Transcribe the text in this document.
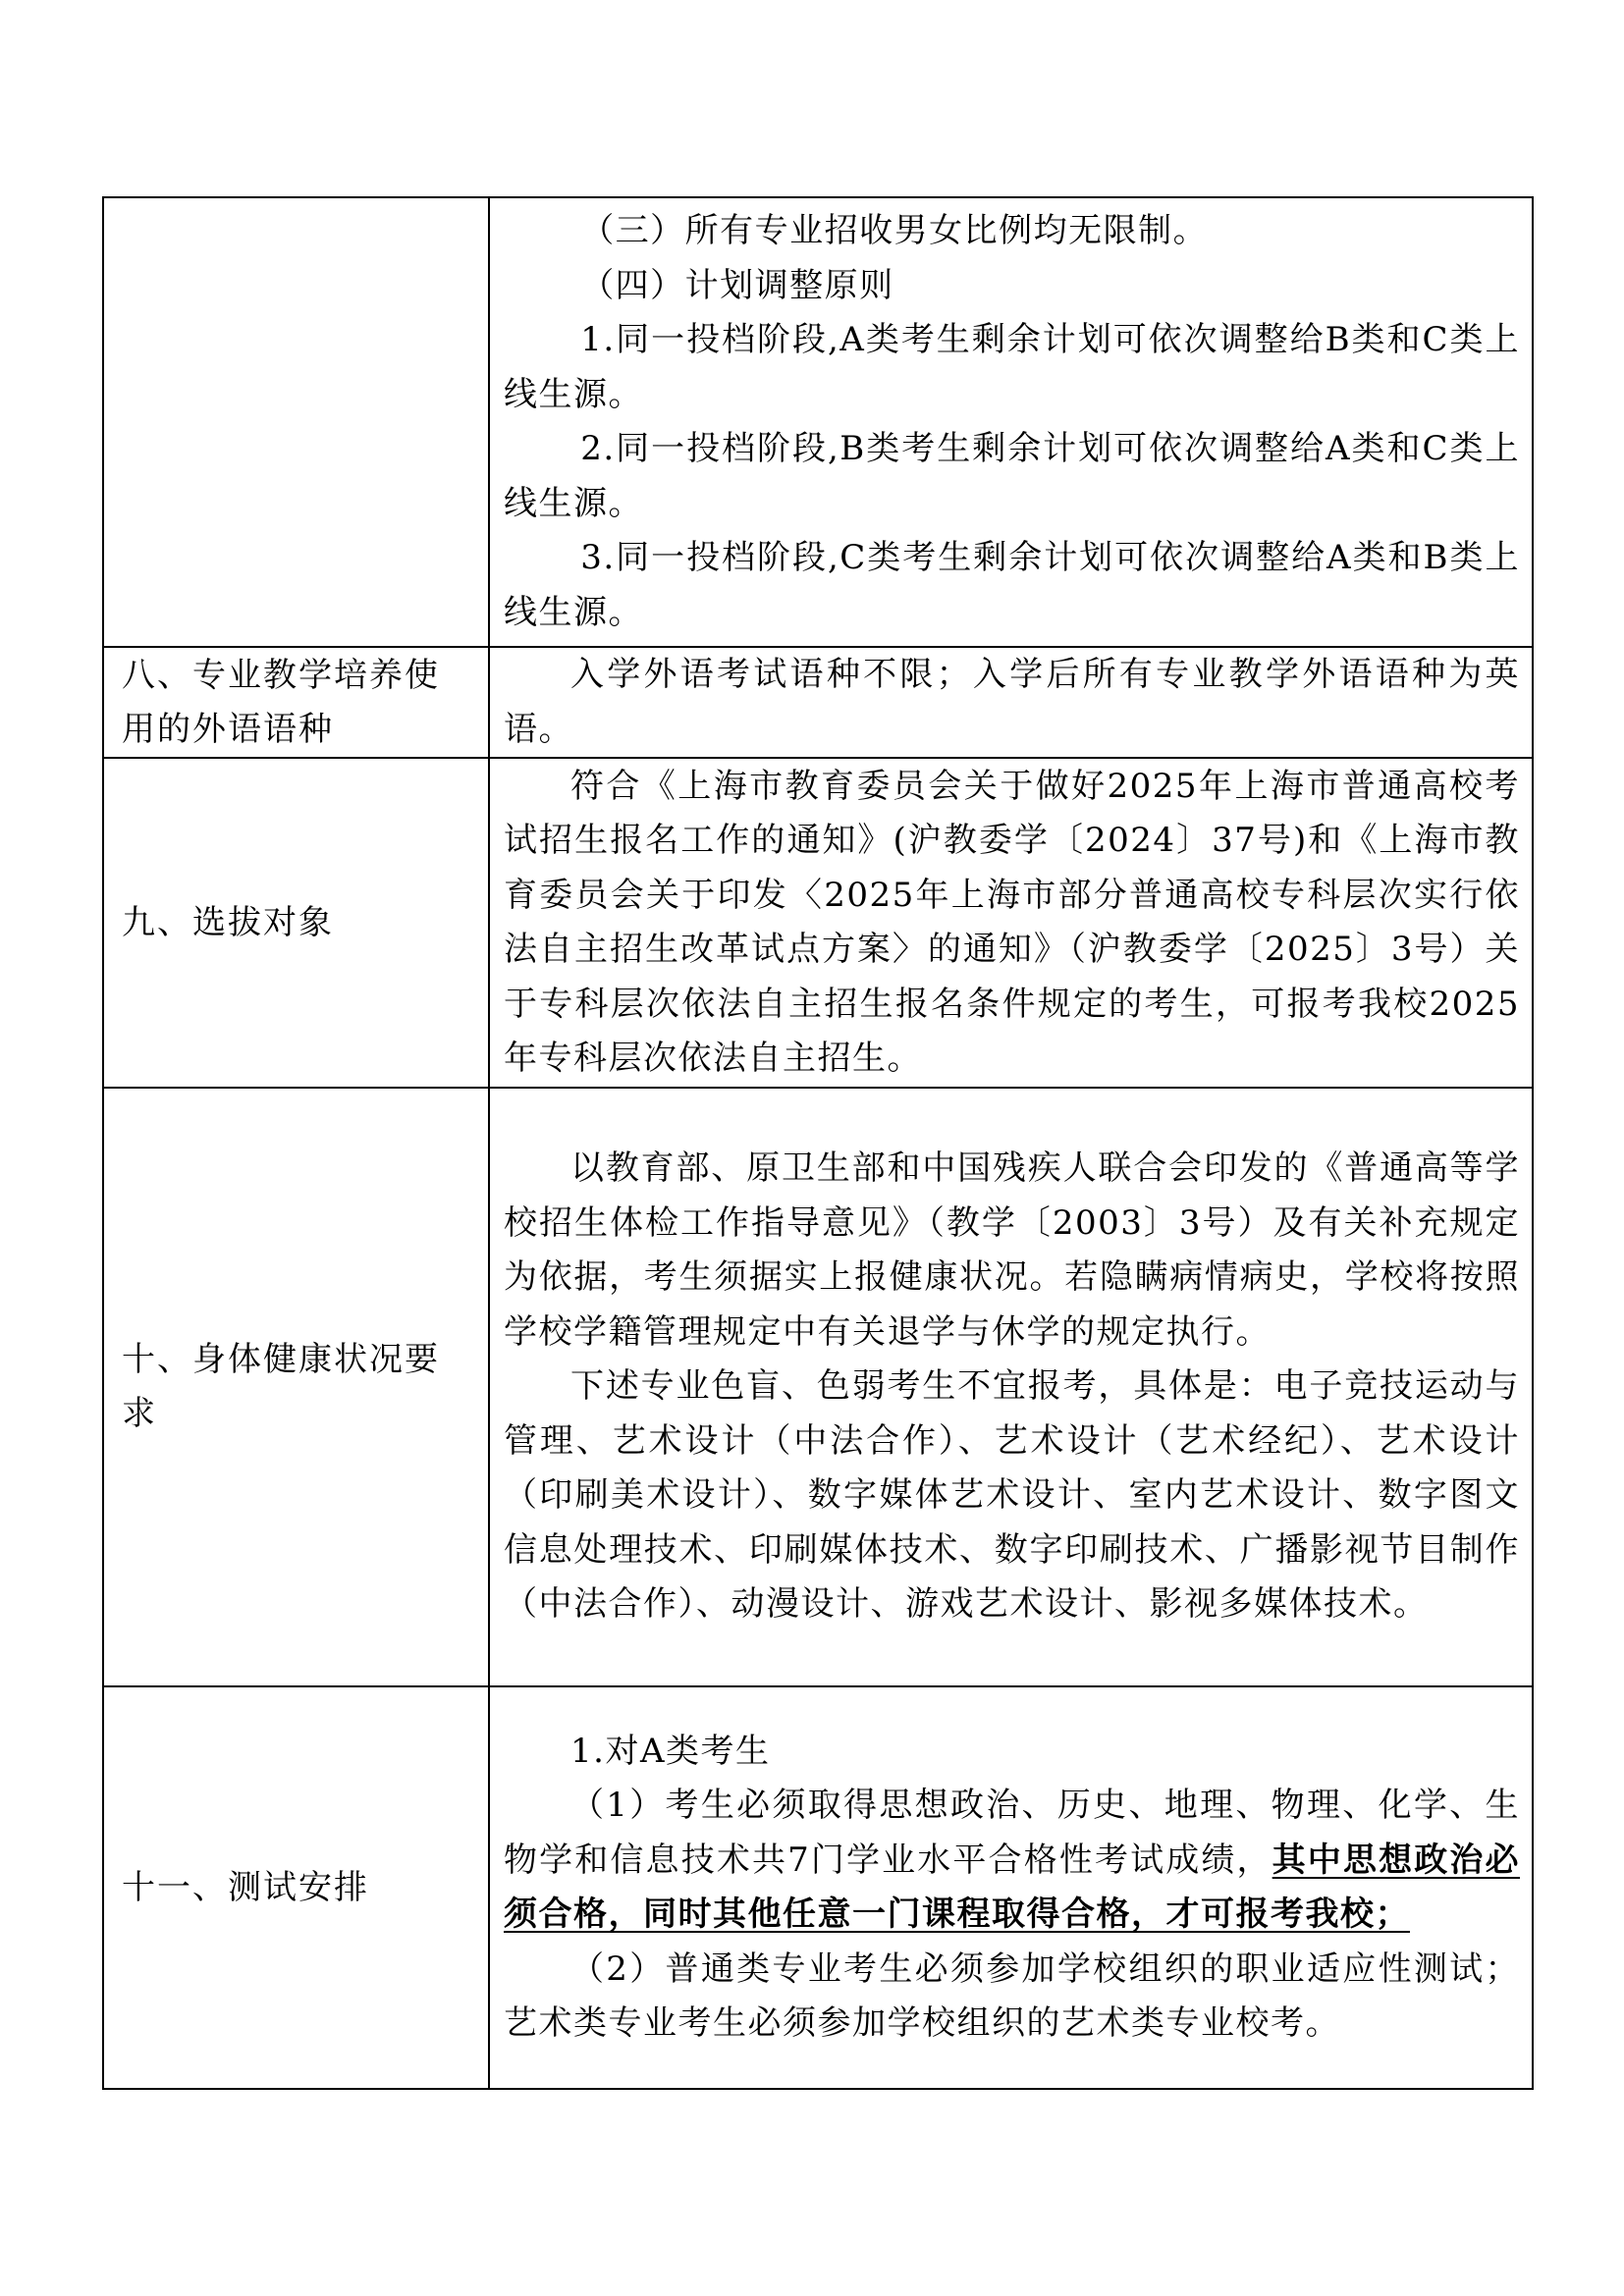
	（三）所有专业招收男女比例均无限制。

（四）计划调整原则

1.同一投档阶段,A类考生剩余计划可依次调整给B类和C类上线生源。

2.同一投档阶段,B类考生剩余计划可依次调整给A类和C类上线生源。

3.同一投档阶段,C类考生剩余计划可依次调整给A类和B类上线生源。

八、专业教学培养使用的外语语种	入学外语考试语种不限；入学后所有专业教学外语语种为英语。

九、选拔对象	符合《上海市教育委员会关于做好2025年上海市普通高校考试招生报名工作的通知》(沪教委学〔2024〕37号)和《上海市教育委员会关于印发〈2025年上海市部分普通高校专科层次实行依法自主招生改革试点方案〉的通知》（沪教委学〔2025〕3号）关于专科层次依法自主招生报名条件规定的考生，可报考我校2025年专科层次依法自主招生。

十、身体健康状况要求	以教育部、原卫生部和中国残疾人联合会印发的《普通高等学校招生体检工作指导意见》（教学〔2003〕3号）及有关补充规定为依据，考生须据实上报健康状况。若隐瞒病情病史，学校将按照学校学籍管理规定中有关退学与休学的规定执行。

下述专业色盲、色弱考生不宜报考，具体是：电子竞技运动与管理、艺术设计（中法合作）、艺术设计（艺术经纪）、艺术设计（印刷美术设计）、数字媒体艺术设计、室内艺术设计、数字图文信息处理技术、印刷媒体技术、数字印刷技术、广播影视节目制作（中法合作）、动漫设计、游戏艺术设计、影视多媒体技术。

十一、测试安排	1.对A类考生

（1）考生必须取得思想政治、历史、地理、物理、化学、生物学和信息技术共7门学业水平合格性考试成绩，其中思想政治必须合格，同时其他任意一门课程取得合格，才可报考我校；

（2）普通类专业考生必须参加学校组织的职业适应性测试；艺术类专业考生必须参加学校组织的艺术类专业校考。
